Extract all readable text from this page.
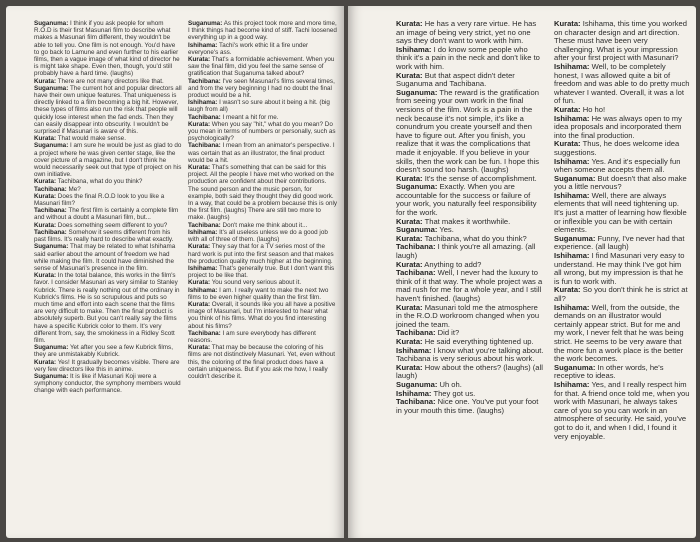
Suganuma: I think if you ask people for whom R.O.D is their first Masunari film to describe what makes a Masunari film different, they wouldn't be able to tell you. One film is not enough. You'd have to go back to Lamune and even further to his earlier films, then a vague image of what kind of director he is might take shape. Even then, though, you'd still probably have a hard time. (laughs)

Kurata: There are not many directors like that.

Suganuma: The current hot and popular directors all have their own unique features. That uniqueness is directly linked to a film becoming a big hit. However, these types of films also run the risk that people will quickly lose interest when the fad ends. Then they can easily disappear into obscurity. I wouldn't be surprised if Masunari is aware of this.

Kurata: That would make sense.

Suganuma: I am sure he would be just as glad to do a project where he was given center stage, like the cover picture of a magazine, but I don't think he would necessarily seek out that type of project on his own initiative.

Kurata: Tachibana, what do you think?

Tachibana: Me?

Kurata: Does the final R.O.D look to you like a Masunari film?

Tachibana: The first film is certainly a complete film and without a doubt a Masunari film, but...

Kurata: Does something seem different to you?

Tachibana: Somehow it seems different from his past films. It's really hard to describe what exactly.

Suganuma: That may be related to what Ishihama said earlier about the amount of freedom we had while making the film. It could have diminished the sense of Masunari's presence in the film.

Kurata: In the total balance, this works in the film's favor. I consider Masunari as very similar to Stanley Kubrick. There is really nothing out of the ordinary in Kubrick's films. He is so scrupulous and puts so much time and effort into each scene that the films are very difficult to make. Then the final product is absolutely superb. But you can't really say the films have a specific Kubrick color to them. It's very different from, say, the smokiness in a Ridley Scott film.

Suganuma: Yet after you see a few Kubrick films, they are unmistakably Kubrick.

Kurata: Yes! It gradually becomes visible. There are very few directors like this in anime.

Suganuma: It is like if Masunari Koji were a symphony conductor, the symphony members would change with each performance.

Suganuma: As this project took more and more time, I think things had become kind of stiff. Tachi loosened everything up in a good way.

Ishihama: Tachi's work ethic lit a fire under everyone's ass.

Kurata: That's a formidable achievement. When you saw the final film, did you feel the same sense of gratification that Suganuma talked about?

Tachibana: I've seen Masunari's films several times, and from the very beginning I had no doubt the final product would be a hit.

Ishihama: I wasn't so sure about it being a hit. (big laugh from all)

Tachibana: I meant a hit for me.

Kurata: When you say "hit," what do you mean? Do you mean in terms of numbers or personally, such as psychologically?

Tachibana: I mean from an animator's perspective. I was certain that as an illustrator, the final product would be a hit.

Kurata: That's something that can be said for this project. All the people I have met who worked on the production are confident about their contributions. The sound person and the music person, for example, both said they thought they did good work. In a way, that could be a problem because this is only the first film. (laughs) There are still two more to make. (laughs)

Tachibana: Don't make me think about it...

Ishihama: It's all useless unless we do a good job with all of three of them. (laughs)

Kurata: They say that for a TV series most of the hard work is put into the first season and that makes the production quality much higher at the beginning.

Ishihama: That's generally true. But I don't want this project to be like that.

Kurata: You sound very serious about it.

Ishihama: I am. I really want to make the next two films to be even higher quality than the first film.

Kurata: Overall, it sounds like you all have a positive image of Masunari, but I'm interested to hear what you think of his films. What do you find interesting about his films?

Tachibana: I am sure everybody has different reasons.

Kurata: That may be because the coloring of his films are not distinctively Masunari. Yet, even without this, the coloring of the final product does have a certain uniqueness. But if you ask me how, I really couldn't describe it.

Kurata: He has a very rare virtue. He has an image of being very strict, yet no one says they don't want to work with him.

Ishihama: I do know some people who think it's a pain in the neck and don't like to work with him.

Kurata: But that aspect didn't deter Suganuma and Tachibana.

Suganuma: The reward is the gratification from seeing your own work in the final versions of the film. Work is a pain in the neck because it's not simple, it's like a conundrum you create yourself and then have to figure out. After you finish, you realize that it was the complications that made it enjoyable. If you believe in your skills, then the work can be fun. I hope this doesn't sound too harsh. (laughs)

Kurata: It's the sense of accomplishment.

Suganuma: Exactly. When you are accountable for the success or failure of your work, you naturally feel responsibility for the work.

Kurata: That makes it worthwhile.

Suganuma: Yes.

Kurata: Tachibana, what do you think?

Tachibana: I think you're all amazing. (all laugh)

Kurata: Anything to add?

Tachibana: Well, I never had the luxury to think of it that way. The whole project was a mad rush for me for a whole year, and I still haven't finished. (laughs)

Kurata: Masunari told me the atmosphere in the R.O.D workroom changed when you joined the team.

Tachibana: Did it?

Kurata: He said everything tightened up.

Ishihama: I know what you're talking about. Tachibana is very serious about his work.

Kurata: How about the others? (laughs) (all laugh)

Suganuma: Uh oh.

Ishihama: They got us.

Tachibana: Nice one. You've put your foot in your mouth this time. (laughs)

Kurata: Ishihama, this time you worked on character design and art direction. These must have been very challenging. What is your impression after your first project with Masunari?

Ishihama: Well, to be completely honest, I was allowed quite a bit of freedom and was able to do pretty much whatever I wanted. Overall, it was a lot of fun.

Kurata: Ho ho!

Ishihama: He was always open to my idea proposals and incorporated them into the final production.

Kurata: Thus, he does welcome idea suggestions.

Ishihama: Yes. And it's especially fun when someone accepts them all.

Suganuma: But doesn't that also make you a little nervous?

Ishihama: Well, there are always elements that will need tightening up. It's just a matter of learning how flexible or inflexible you can be with certain elements.

Suganuma: Funny, I've never had that experience. (all laugh)

Ishihama: I find Masunari very easy to understand. He may think I've got him all wrong, but my impression is that he is fun to work with.

Kurata: So you don't think he is strict at all?

Ishihama: Well, from the outside, the demands on an illustrator would certainly appear strict. But for me and my work, I never felt that he was being strict. He seems to be very aware that the more fun a work place is the better the work becomes.

Suganuma: In other words, he's receptive to ideas.

Ishihama: Yes, and I really respect him for that. A friend once told me, when you work with Masunari, he always takes care of you so you can work in an atmosphere of security. He said, you've got to do it, and when I did, I found it very enjoyable.
